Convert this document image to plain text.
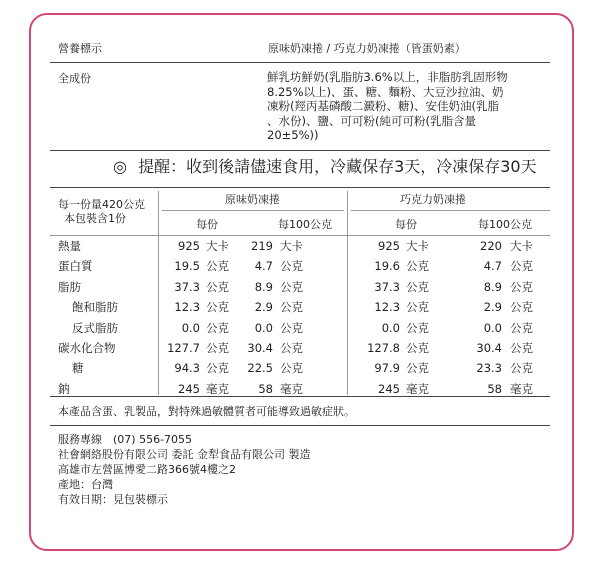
營養標示	原味奶凍捲 / 巧克力奶凍捲（皆蛋奶素）
全成份	鮮乳坊鮮奶(乳脂肪3.6%以上，非脂肪乳固形物
8.25%以上)、蛋、糖、麵粉、大豆沙拉油、奶
凍粉(羥丙基磷酸二澱粉、糖)、安佳奶油(乳脂
、水份)、鹽、可可粉(純可可粉(乳脂含量
20±5%))
◎ 提醒：收到後請儘速食用，冷藏保存3天，冷凍保存30天
每一份量420公克
本包裝含1份
原味奶凍捲	巧克力奶凍捲
每份	每100公克	每份	每100公克
熱量	925 大卡 219 大卡	925 大卡	220 大卡
蛋白質	19.5 公克 4.7 公克	19.6 公克	4.7 公克
脂肪	37.3 公克 8.9 公克	37.3 公克	8.9 公克
飽和脂肪	12.3 公克 2.9 公克	12.3 公克	2.9 公克
反式脂肪	0.0 公克 0.0 公克	0.0 公克	0.0 公克
碳水化合物	127.7 公克 30.4 公克	127.8 公克	30.4 公克
糖	94.3 公克 22.5 公克	97.9 公克	23.3 公克
鈉	245 毫克	58 毫克	245 毫克	58 毫克
本產品含蛋、乳製品，對特殊過敏體質者可能導致過敏症狀。
服務專線　(07) 556-7055
社會網絡股份有限公司 委託 金犁食品有限公司 製造
高雄市左營區博愛二路366號4樓之2
產地：台灣
有效日期：見包裝標示
